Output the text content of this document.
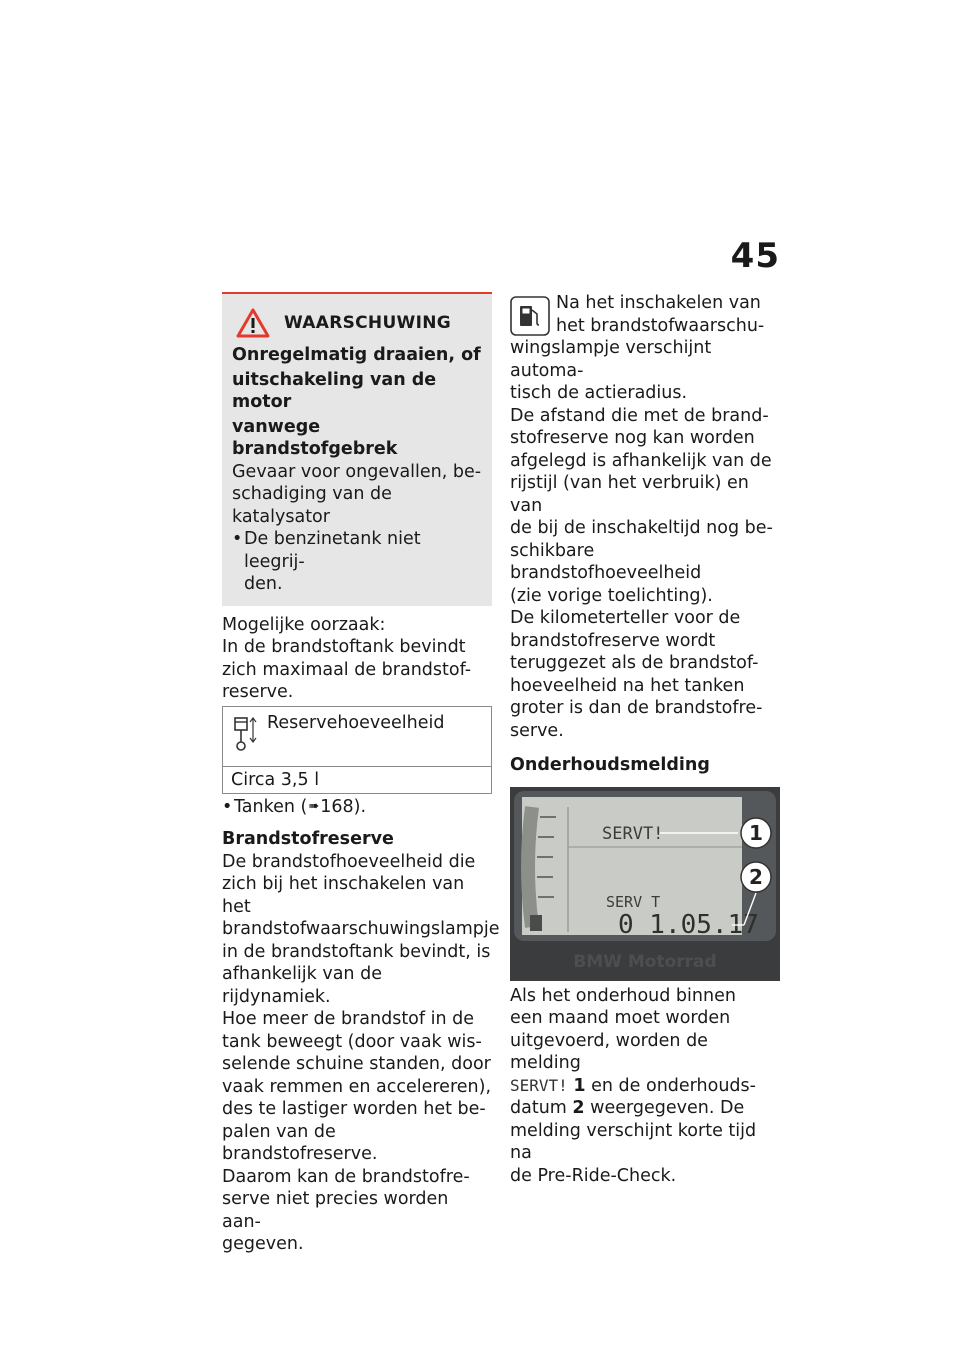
45
WAARSCHUWING
Onregelmatig draaien, of
uitschakeling van de motor
vanwege brandstofgebrek
Gevaar voor ongevallen, be-
schadiging van de katalysator
• De benzinetank niet leegrij-
den.
Mogelijke oorzaak:
In de brandstoftank bevindt
zich maximaal de brandstof-
reserve.
Reservehoeveelheid
Circa 3,5 l
• Tanken ( ➠ 168).
Brandstofreserve
De brandstofhoeveelheid die
zich bij het inschakelen van het
brandstofwaarschuwingslampje
in de brandstoftank bevindt, is
afhankelijk van de rijdynamiek.
Hoe meer de brandstof in de
tank beweegt (door vaak wis-
selende schuine standen, door
vaak remmen en accelereren),
des te lastiger worden het be-
palen van de brandstofreserve.
Daarom kan de brandstofre-
serve niet precies worden aan-
gegeven.
Na het inschakelen van
het brandstofwaarschu-
wingslampje verschijnt automa-
tisch de actieradius.
De afstand die met de brand-
stofreserve nog kan worden
afgelegd is afhankelijk van de
rijstijl (van het verbruik) en van
de bij de inschakeltijd nog be-
schikbare brandstofhoeveelheid
(zie vorige toelichting).
De kilometerteller voor de
brandstofreserve wordt
teruggezet als de brandstof-
hoeveelheid na het tanken
groter is dan de brandstofre-
serve.
Onderhoudsmelding
SERVT!
SERV T
0 1.05.17
1
2
BMW Motorrad
Als het onderhoud binnen
een maand moet worden
uitgevoerd, worden de melding
SERVT! 1 en de onderhouds-
datum 2 weergegeven. De
melding verschijnt korte tijd na
de Pre-Ride-Check.
